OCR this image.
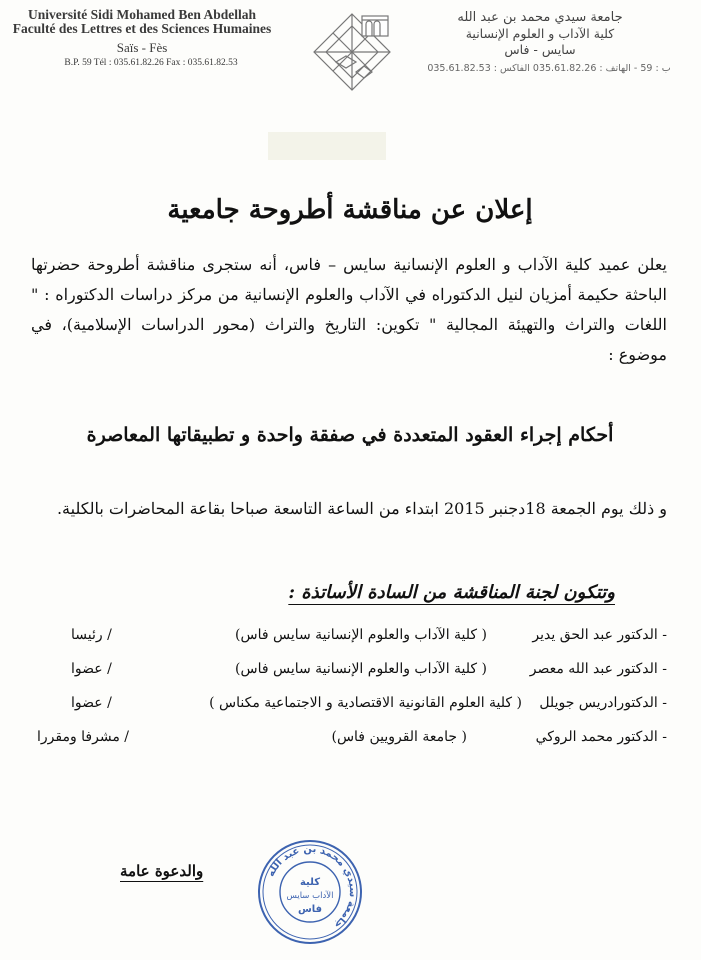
Université Sidi Mohamed Ben Abdellah
Faculté des Lettres et des Sciences Humaines
Saïs - Fès
B.P. 59 Tél : 035.61.82.26 Fax : 035.61.82.53
جامعة سيدي محمد بن عبد الله
كلية الآداب و العلوم الإنسانية
سايس - فاس
ب : 59 - الهاتف : 035.61.82.26 الفاكس : 035.61.82.53
إعلان عن مناقشة أطروحة جامعية
يعلن عميد كلية الآداب و العلوم الإنسانية سايس – فاس، أنه ستجرى مناقشة أطروحة حضرتها الباحثة حكيمة أمزيان لنيل الدكتوراه في الآداب والعلوم الإنسانية من مركز دراسات الدكتوراه : " اللغات والتراث والتهيئة المجالية " تكوين: التاريخ والتراث (محور الدراسات الإسلامية)، في موضوع :
أحكام إجراء العقود المتعددة في صفقة واحدة و تطبيقاتها المعاصرة
و ذلك يوم الجمعة 18دجنبر 2015 ابتداء من الساعة التاسعة صباحا بقاعة المحاضرات بالكلية.
وتتكون لجنة المناقشة من السادة الأساتذة :
- الدكتور عبد الحق يدير
( كلية الآداب والعلوم الإنسانية سايس فاس)
/ رئيسا
- الدكتور عبد الله معصر
( كلية الآداب والعلوم الإنسانية سايس فاس)
/ عضوا
- الدكتورادريس جويلل
( كلية العلوم القانونية الاقتصادية و الاجتماعية مكناس )
/ عضوا
- الدكتور محمد الروكي
( جامعة القرويين فاس)
/ مشرفا ومقررا
جامعة سيدي محمد بن عبد الله
كلية
الآداب سايس
فاس
والدعوة عامة
